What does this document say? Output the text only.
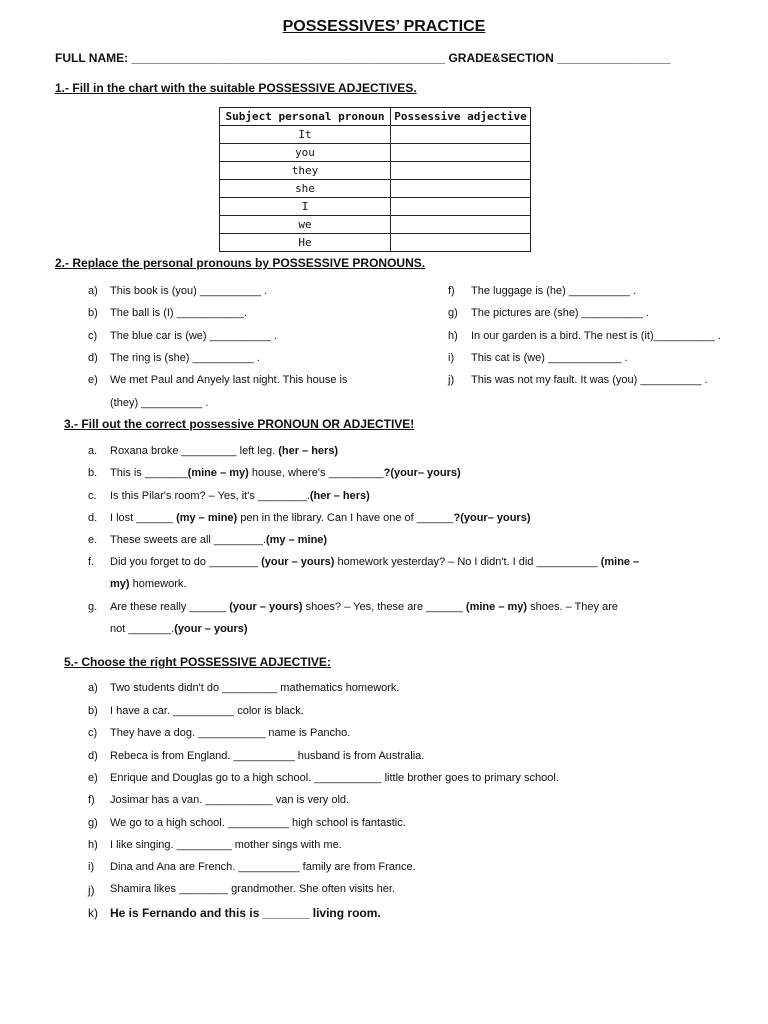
POSSESSIVES’ PRACTICE
FULL NAME: _______________________________________________ GRADE&SECTION _________________
1.- Fill in the chart with the suitable POSSESSIVE ADJECTIVES.
Subject personal pronoun	Possessive adjective
It	
you	
they	
she	
I	
we	
He	
2.- Replace the personal pronouns by POSSESSIVE PRONOUNS.
a) This book is (you) __________ .
b) The ball is (I) ___________.
c) The blue car is (we) __________ .
d) The ring is (she) __________ .
e) We met Paul and Anyely last night. This house is
(they) __________ .
f) The luggage is (he) __________ .
g) The pictures are (she) __________ .
h) In our garden is a bird. The nest is (it)__________ .
i) This cat is (we) ____________ .
j) This was not my fault. It was (you) __________ .
3.- Fill out the correct possessive PRONOUN OR ADJECTIVE!
a. Roxana broke _________ left leg. (her – hers)
b. This is _______(mine – my) house, where's _________?(your– yours)
c. Is this Pilar's room? – Yes, it's ________.(her – hers)
d. I lost ______ (my – mine) pen in the library. Can I have one of ______?(your– yours)
e. These sweets are all ________.(my – mine)
f. Did you forget to do ________ (your – yours) homework yesterday? – No I didn't. I did __________ (mine –
my) homework.
g. Are these really ______ (your – yours) shoes? – Yes, these are ______ (mine – my) shoes. – They are
not _______.(your – yours)
5.- Choose the right POSSESSIVE ADJECTIVE:
a) Two students didn't do _________ mathematics homework.
b) I have a car. __________ color is black.
c) They have a dog. ___________ name is Pancho.
d) Rebeca is from England. __________ husband is from Australia.
e) Enrique and Douglas go to a high school. ___________ little brother goes to primary school.
f) Josimar has a van. ___________ van is very old.
g) We go to a high school. __________ high school is fantastic.
h) I like singing. _________ mother sings with me.
i) Dina and Ana are French. __________ family are from France.
j) Shamira likes ________ grandmother. She often visits her.
k) He is Fernando and this is _______ living room.
